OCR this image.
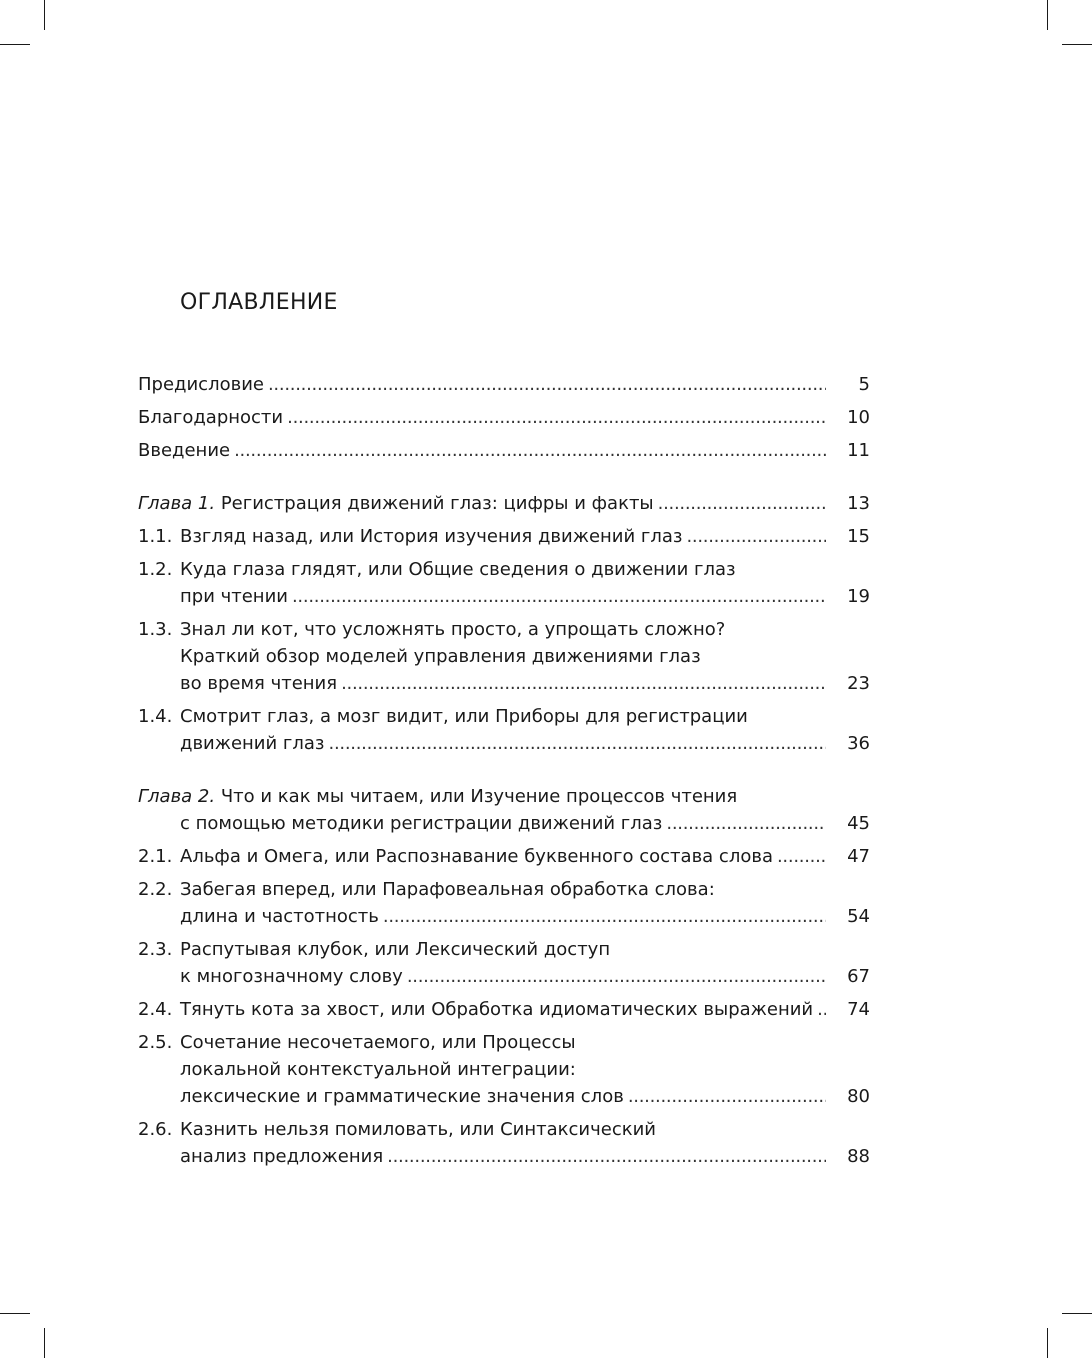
ОГЛАВЛЕНИЕ
Предисловие . . .	5
Благодарности . . .	10
Введение . . .	11
Глава 1. Регистрация движений глаз: цифры и факты . . .	13
1.1. Взгляд назад, или История изучения движений глаз . . .	15
1.2. Куда глаза глядят, или Общие сведения о движении глаз
при чтении . . .	19
1.3. Знал ли кот, что усложнять просто, а упрощать сложно?
Краткий обзор моделей управления движениями глаз
во время чтения . . .	23
1.4. Смотрит глаз, а мозг видит, или Приборы для регистрации
движений глаз . . .	36
Глава 2. Что и как мы читаем, или Изучение процессов чтения
с помощью методики регистрации движений глаз . . .	45
2.1. Альфа и Омега, или Распознавание буквенного состава слова . . .	47
2.2. Забегая вперед, или Парафовеальная обработка слова:
длина и частотность . . .	54
2.3. Распутывая клубок, или Лексический доступ
к многозначному слову . . .	67
2.4. Тянуть кота за хвост, или Обработка идиоматических выражений . . .	74
2.5. Сочетание несочетаемого, или Процессы
локальной контекстуальной интеграции:
лексические и грамматические значения слов . . .	80
2.6. Казнить нельзя помиловать, или Синтаксический
анализ предложения . . .	88
